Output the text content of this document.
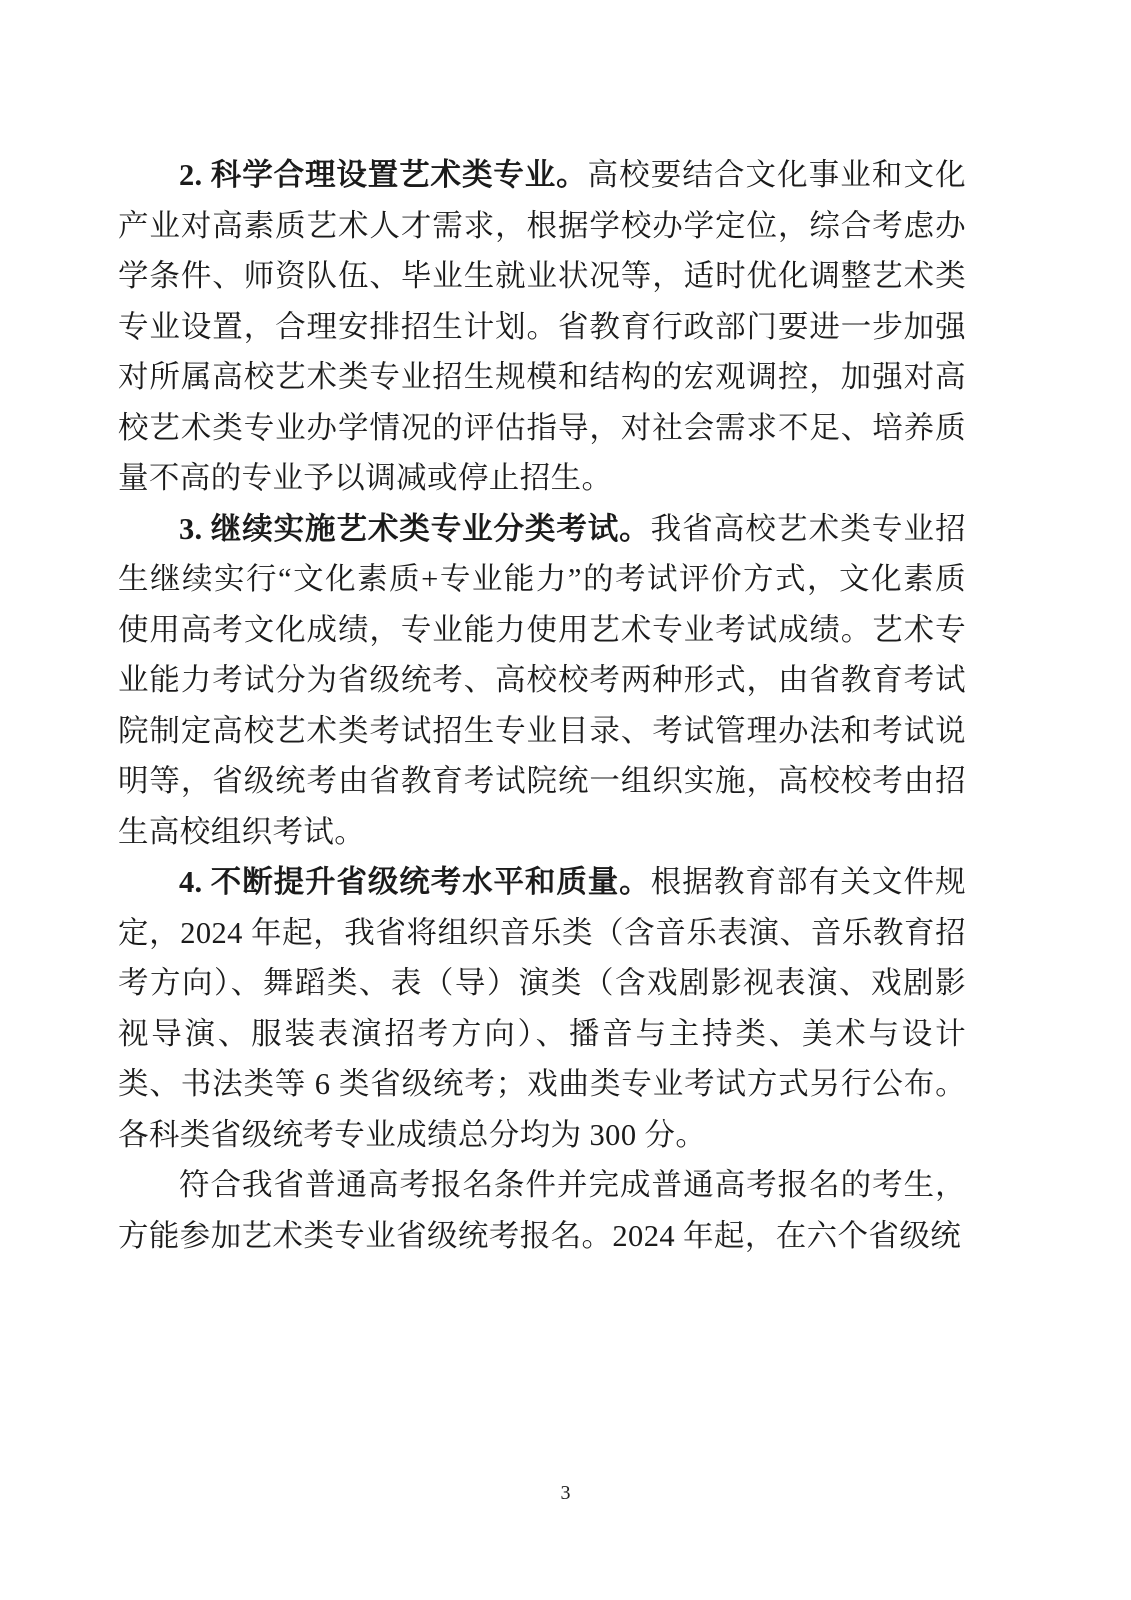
2. 科学合理设置艺术类专业。高校要结合文化事业和文化产业对高素质艺术人才需求，根据学校办学定位，综合考虑办学条件、师资队伍、毕业生就业状况等，适时优化调整艺术类专业设置，合理安排招生计划。省教育行政部门要进一步加强对所属高校艺术类专业招生规模和结构的宏观调控，加强对高校艺术类专业办学情况的评估指导，对社会需求不足、培养质量不高的专业予以调减或停止招生。

3. 继续实施艺术类专业分类考试。我省高校艺术类专业招生继续实行“文化素质+专业能力”的考试评价方式，文化素质使用高考文化成绩，专业能力使用艺术专业考试成绩。艺术专业能力考试分为省级统考、高校校考两种形式，由省教育考试院制定高校艺术类考试招生专业目录、考试管理办法和考试说明等，省级统考由省教育考试院统一组织实施，高校校考由招生高校组织考试。

4. 不断提升省级统考水平和质量。根据教育部有关文件规定，2024 年起，我省将组织音乐类（含音乐表演、音乐教育招考方向）、舞蹈类、表（导）演类（含戏剧影视表演、戏剧影视导演、服装表演招考方向）、播音与主持类、美术与设计类、书法类等 6 类省级统考；戏曲类专业考试方式另行公布。各科类省级统考专业成绩总分均为 300 分。

符合我省普通高考报名条件并完成普通高考报名的考生，方能参加艺术类专业省级统考报名。2024 年起，在六个省级统

3
